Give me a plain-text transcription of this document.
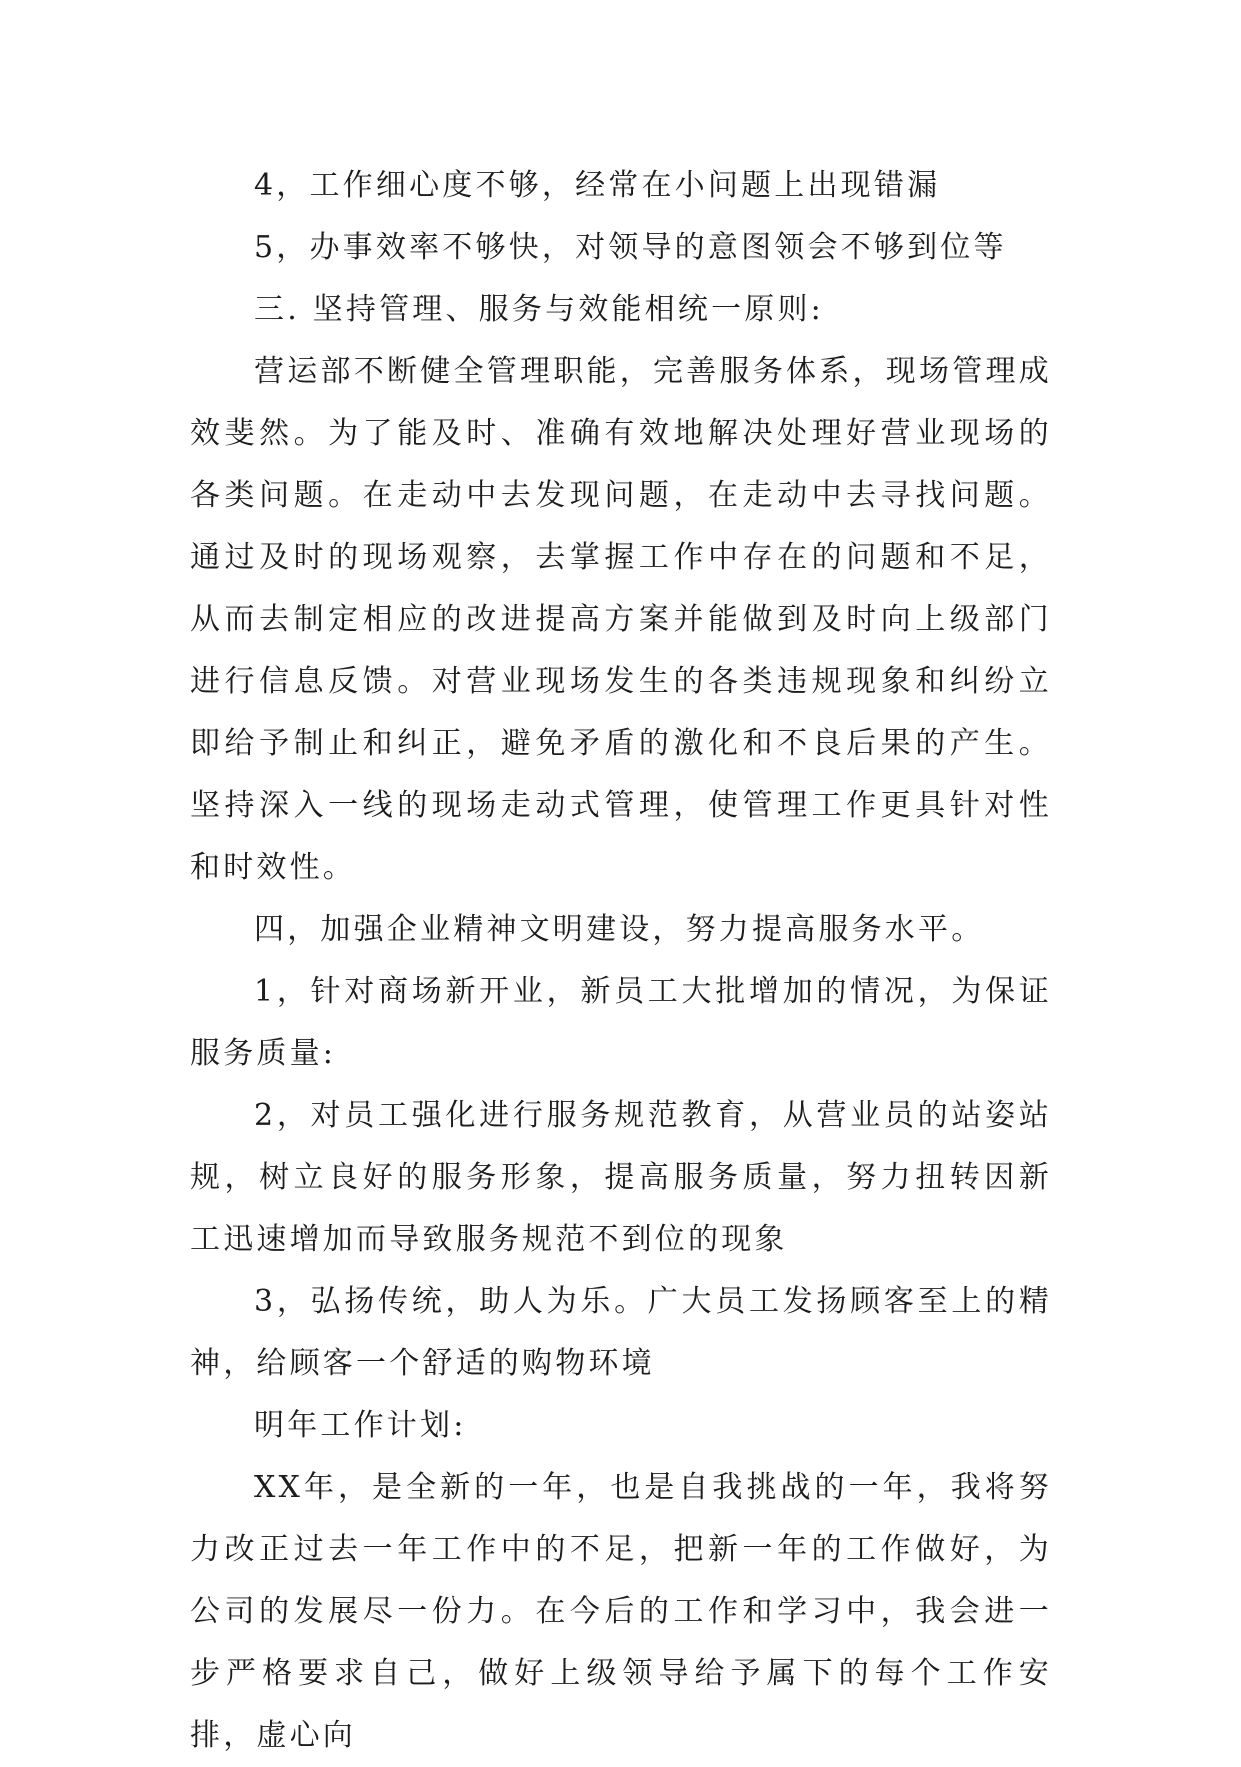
4，工作细心度不够，经常在小问题上出现错漏

5，办事效率不够快，对领导的意图领会不够到位等

三. 坚持管理、服务与效能相统一原则:

营运部不断健全管理职能，完善服务体系，现场管理成效斐然。为了能及时、准确有效地解决处理好营业现场的各类问题。在走动中去发现问题，在走动中去寻找问题。通过及时的现场观察，去掌握工作中存在的问题和不足，从而去制定相应的改进提高方案并能做到及时向上级部门进行信息反馈。对营业现场发生的各类违规现象和纠纷立即给予制止和纠正，避免矛盾的激化和不良后果的产生。坚持深入一线的现场走动式管理，使管理工作更具针对性和时效性。

四，加强企业精神文明建设，努力提高服务水平。

1，针对商场新开业，新员工大批增加的情况，为保证服务质量:

2，对员工强化进行服务规范教育，从营业员的站姿站规，树立良好的服务形象，提高服务质量，努力扭转因新工迅速增加而导致服务规范不到位的现象

3，弘扬传统，助人为乐。广大员工发扬顾客至上的精神，给顾客一个舒适的购物环境

明年工作计划:

XX年，是全新的一年，也是自我挑战的一年，我将努力改正过去一年工作中的不足，把新一年的工作做好，为公司的发展尽一份力。在今后的工作和学习中，我会进一步严格要求自己，做好上级领导给予属下的每个工作安排，虚心向
